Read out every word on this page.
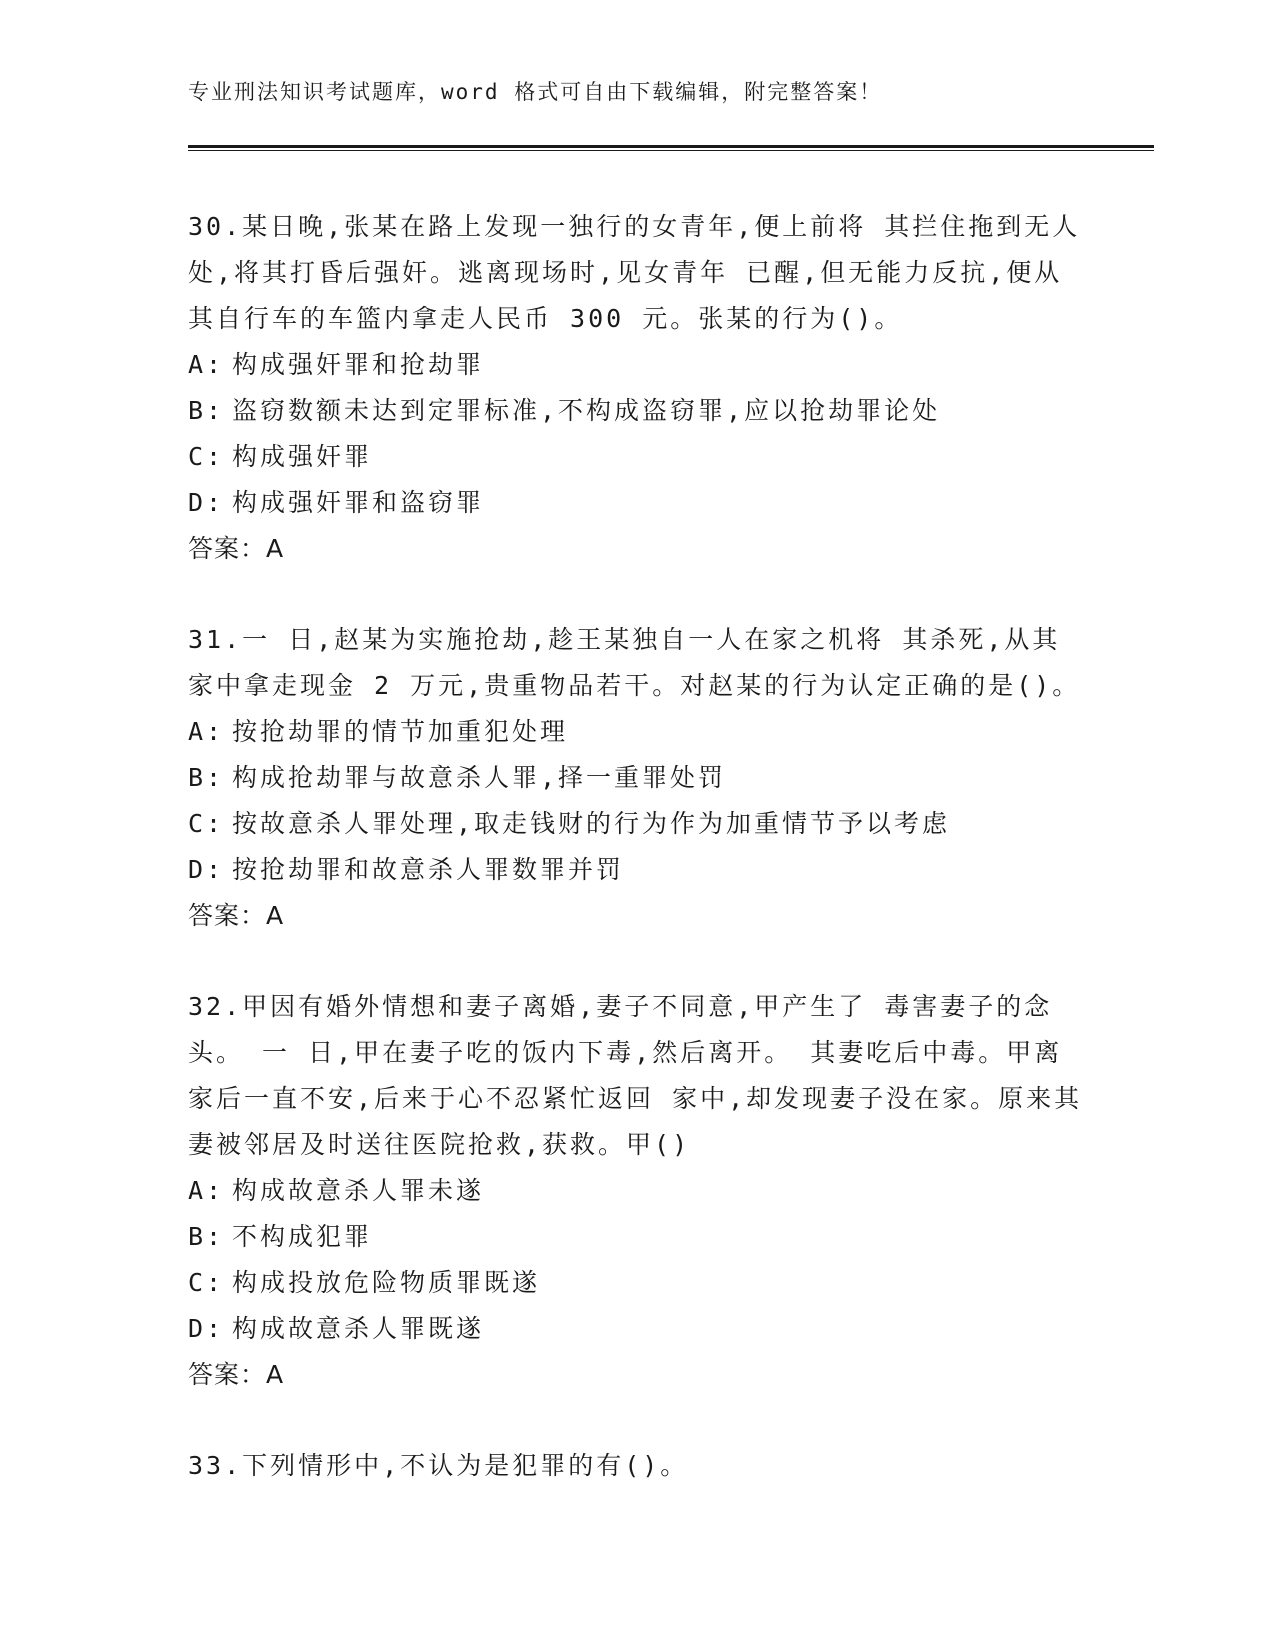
专业刑法知识考试题库，word 格式可自由下载编辑，附完整答案！

30.某日晚,张某在路上发现一独行的女青年,便上前将 其拦住拖到无人处,将其打昏后强奸。逃离现场时,见女青年 已醒,但无能力反抗,便从其自行车的车篮内拿走人民币 300 元。张某的行为()。

A: 构成强奸罪和抢劫罪
B: 盗窃数额未达到定罪标准,不构成盗窃罪,应以抢劫罪论处
C: 构成强奸罪
D: 构成强奸罪和盗窃罪
答案：A

31.一 日,赵某为实施抢劫,趁王某独自一人在家之机将 其杀死,从其家中拿走现金 2 万元,贵重物品若干。对赵某的行为认定正确的是()。

A: 按抢劫罪的情节加重犯处理
B: 构成抢劫罪与故意杀人罪,择一重罪处罚
C: 按故意杀人罪处理,取走钱财的行为作为加重情节予以考虑
D: 按抢劫罪和故意杀人罪数罪并罚
答案：A

32.甲因有婚外情想和妻子离婚,妻子不同意,甲产生了 毒害妻子的念头。 一 日,甲在妻子吃的饭内下毒,然后离开。 其妻吃后中毒。甲离家后一直不安,后来于心不忍紧忙返回 家中,却发现妻子没在家。原来其妻被邻居及时送往医院抢救,获救。甲()

A: 构成故意杀人罪未遂
B: 不构成犯罪
C: 构成投放危险物质罪既遂
D: 构成故意杀人罪既遂
答案：A

33.下列情形中,不认为是犯罪的有()。
